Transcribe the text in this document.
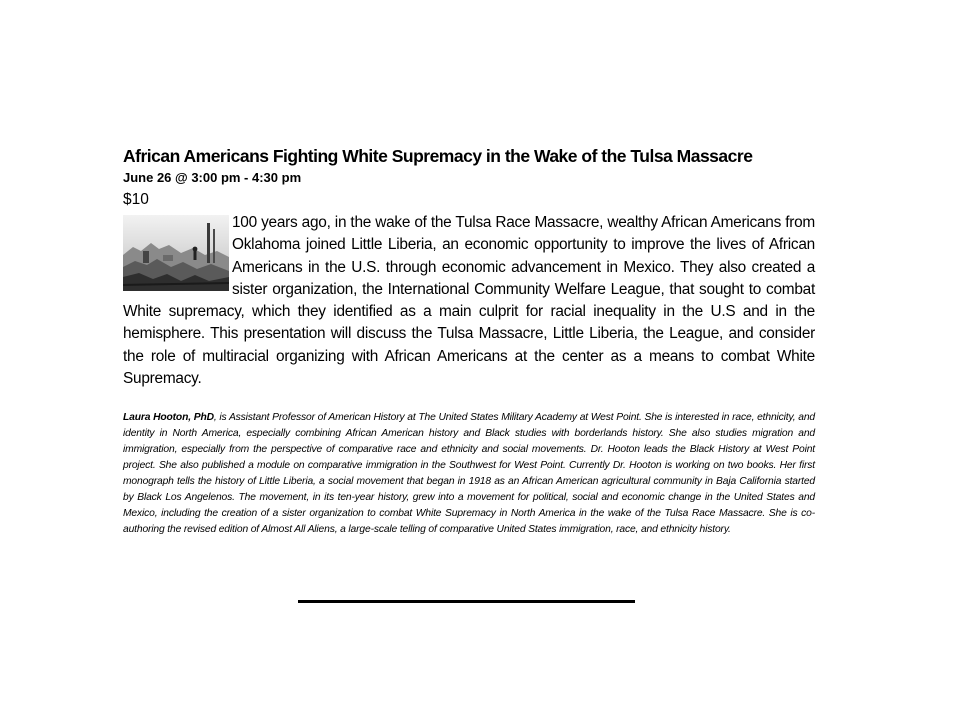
African Americans Fighting White Supremacy in the Wake of the Tulsa Massacre

June 26 @ 3:00 pm - 4:30 pm

$10

100 years ago, in the wake of the Tulsa Race Massacre, wealthy African Americans from Oklahoma joined Little Liberia, an economic opportunity to improve the lives of African Americans in the U.S. through economic advancement in Mexico. They also created a sister organization, the International Community Welfare League, that sought to combat White supremacy, which they identified as a main culprit for racial inequality in the U.S and in the hemisphere. This presentation will discuss the Tulsa Massacre, Little Liberia, the League, and consider the role of multiracial organizing with African Americans at the center as a means to combat White Supremacy.

Laura Hooton, PhD, is Assistant Professor of American History at The United States Military Academy at West Point. She is interested in race, ethnicity, and identity in North America, especially combining African American history and Black studies with borderlands history. She also studies migration and immigration, especially from the perspective of comparative race and ethnicity and social movements. Dr. Hooton leads the Black History at West Point project. She also published a module on comparative immigration in the Southwest for West Point. Currently Dr. Hooton is working on two books. Her first monograph tells the history of Little Liberia, a social movement that began in 1918 as an African American agricultural community in Baja California started by Black Los Angelenos. The movement, in its ten-year history, grew into a movement for political, social and economic change in the United States and Mexico, including the creation of a sister organization to combat White Supremacy in North America in the wake of the Tulsa Race Massacre. She is co-authoring the revised edition of Almost All Aliens, a large-scale telling of comparative United States immigration, race, and ethnicity history.
